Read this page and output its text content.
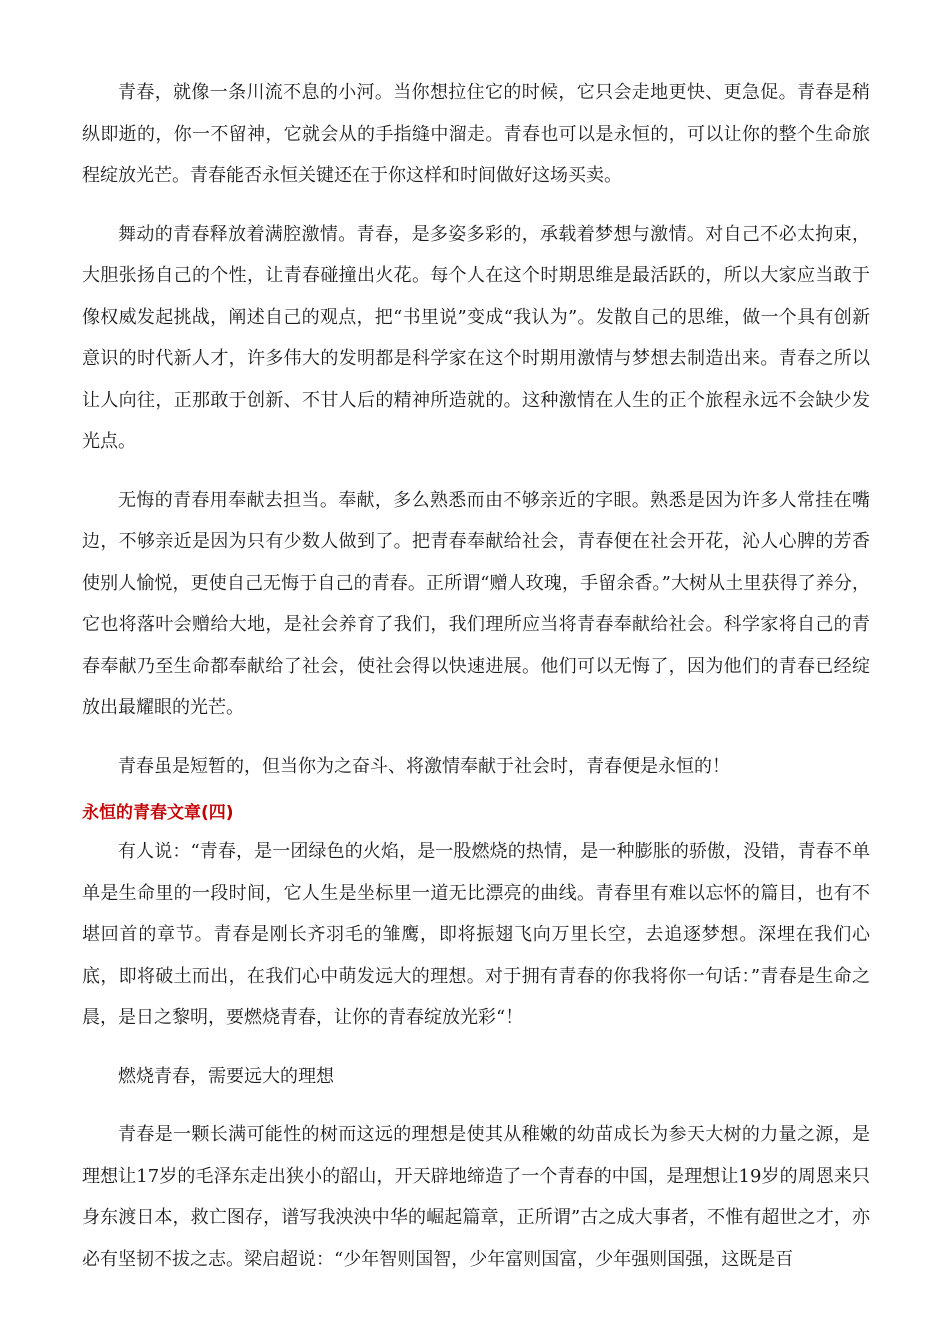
青春，就像一条川流不息的小河。当你想拉住它的时候，它只会走地更快、更急促。青春是稍纵即逝的，你一不留神，它就会从的手指缝中溜走。青春也可以是永恒的，可以让你的整个生命旅程绽放光芒。青春能否永恒关键还在于你这样和时间做好这场买卖。

舞动的青春释放着满腔激情。青春，是多姿多彩的，承载着梦想与激情。对自己不必太拘束，大胆张扬自己的个性，让青春碰撞出火花。每个人在这个时期思维是最活跃的，所以大家应当敢于像权威发起挑战，阐述自己的观点，把“书里说”变成“我认为”。发散自己的思维，做一个具有创新意识的时代新人才，许多伟大的发明都是科学家在这个时期用激情与梦想去制造出来。青春之所以让人向往，正那敢于创新、不甘人后的精神所造就的。这种激情在人生的正个旅程永远不会缺少发光点。

无悔的青春用奉献去担当。奉献，多么熟悉而由不够亲近的字眼。熟悉是因为许多人常挂在嘴边，不够亲近是因为只有少数人做到了。把青春奉献给社会，青春便在社会开花，沁人心脾的芳香使别人愉悦，更使自己无悔于自己的青春。正所谓“赠人玫瑰，手留余香。”大树从土里获得了养分，它也将落叶会赠给大地，是社会养育了我们，我们理所应当将青春奉献给社会。科学家将自己的青春奉献乃至生命都奉献给了社会，使社会得以快速进展。他们可以无悔了，因为他们的青春已经绽放出最耀眼的光芒。

青春虽是短暂的，但当你为之奋斗、将激情奉献于社会时，青春便是永恒的！

永恒的青春文章(四)

有人说：“青春，是一团绿色的火焰，是一股燃烧的热情，是一种膨胀的骄傲，没错，青春不单单是生命里的一段时间，它人生是坐标里一道无比漂亮的曲线。青春里有难以忘怀的篇目，也有不堪回首的章节。青春是刚长齐羽毛的雏鹰，即将振翅飞向万里长空，去追逐梦想。深埋在我们心底，即将破土而出，在我们心中萌发远大的理想。对于拥有青春的你我将你一句话：”青春是生命之晨，是日之黎明，要燃烧青春，让你的青春绽放光彩“！

燃烧青春，需要远大的理想

青春是一颗长满可能性的树而这远的理想是使其从稚嫩的幼苗成长为参天大树的力量之源，是理想让17岁的毛泽东走出狭小的韶山，开天辟地缔造了一个青春的中国，是理想让19岁的周恩来只身东渡日本，救亡图存，谱写我泱泱中华的崛起篇章，正所谓”古之成大事者，不惟有超世之才，亦必有坚韧不拔之志。梁启超说：“少年智则国智，少年富则国富，少年强则国强，这既是百
